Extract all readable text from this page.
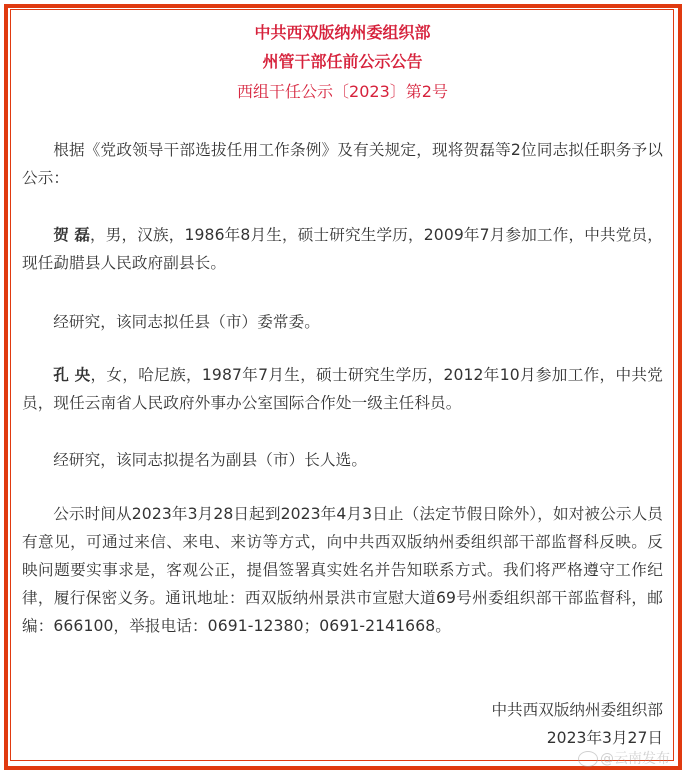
中共西双版纳州委组织部
州管干部任前公示公告
西组干任公示〔2023〕第2号

根据《党政领导干部选拔任用工作条例》及有关规定，现将贺磊等2位同志拟任职务予以公示：

贺 磊，男，汉族，1986年8月生，硕士研究生学历，2009年7月参加工作，中共党员，现任勐腊县人民政府副县长。

经研究，该同志拟任县（市）委常委。

孔 央，女，哈尼族，1987年7月生，硕士研究生学历，2012年10月参加工作，中共党员，现任云南省人民政府外事办公室国际合作处一级主任科员。

经研究，该同志拟提名为副县（市）长人选。

公示时间从2023年3月28日起到2023年4月3日止（法定节假日除外），如对被公示人员有意见，可通过来信、来电、来访等方式，向中共西双版纳州委组织部干部监督科反映。反映问题要实事求是，客观公正，提倡签署真实姓名并告知联系方式。我们将严格遵守工作纪律，履行保密义务。通讯地址：西双版纳州景洪市宣慰大道69号州委组织部干部监督科，邮编：666100，举报电话：0691-12380；0691-2141668。

中共西双版纳州委组织部
2023年3月27日
@云南发布
